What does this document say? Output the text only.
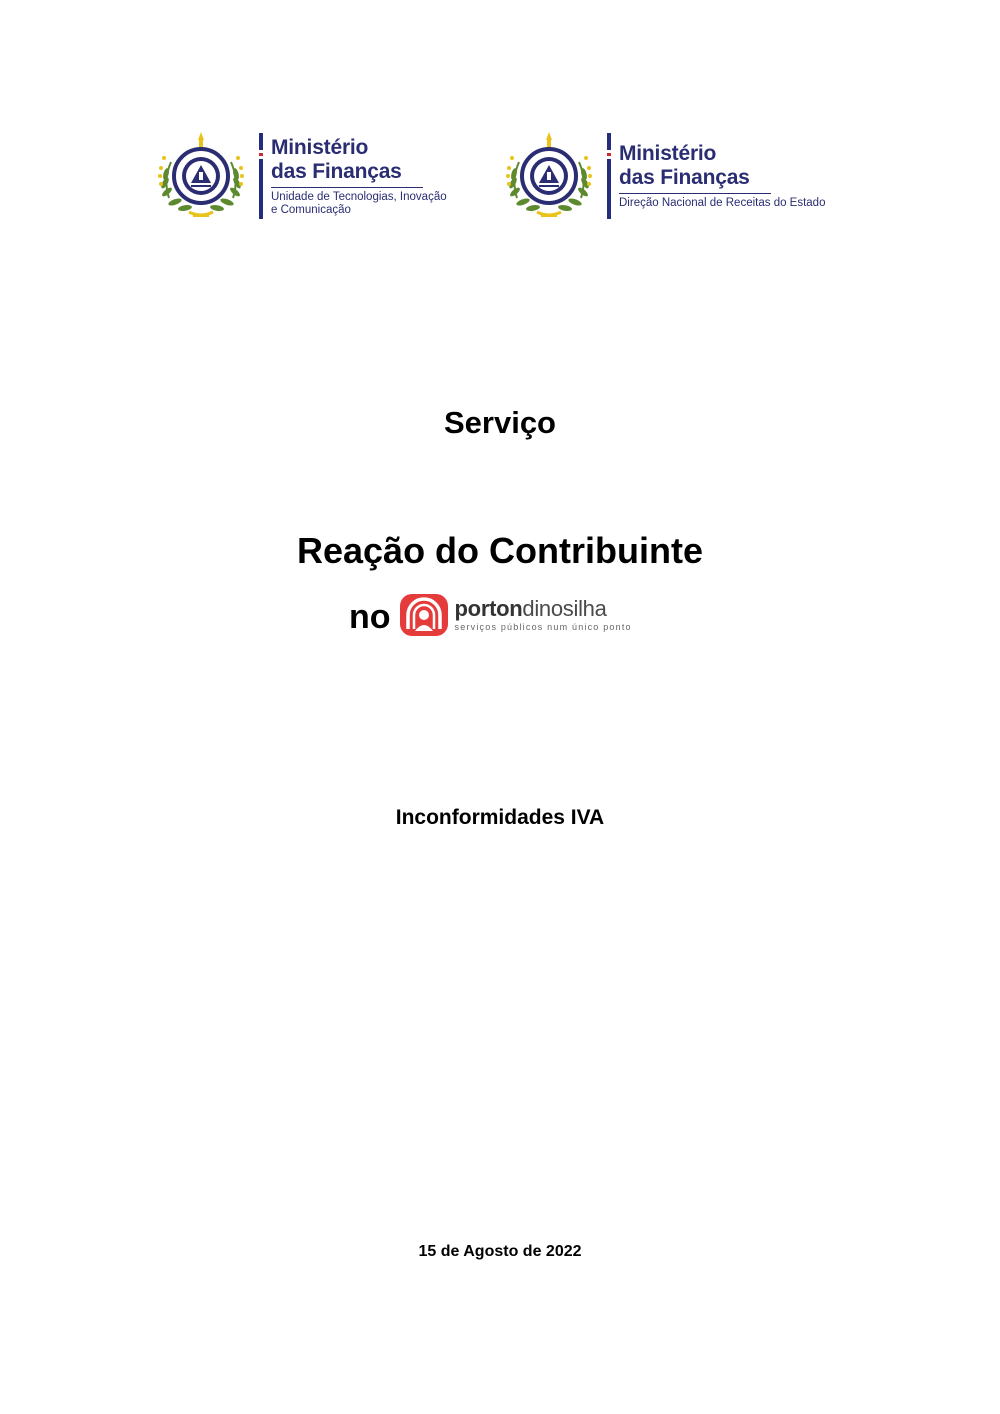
Ministério
das Finanças
Unidade de Tecnologias, Inovação
e Comunicação
Ministério
das Finanças
Direção Nacional de Receitas do Estado
Serviço
Reação do Contribuinte
no	portondinosilha
serviços públicos num único ponto
Inconformidades IVA
15 de Agosto de 2022
